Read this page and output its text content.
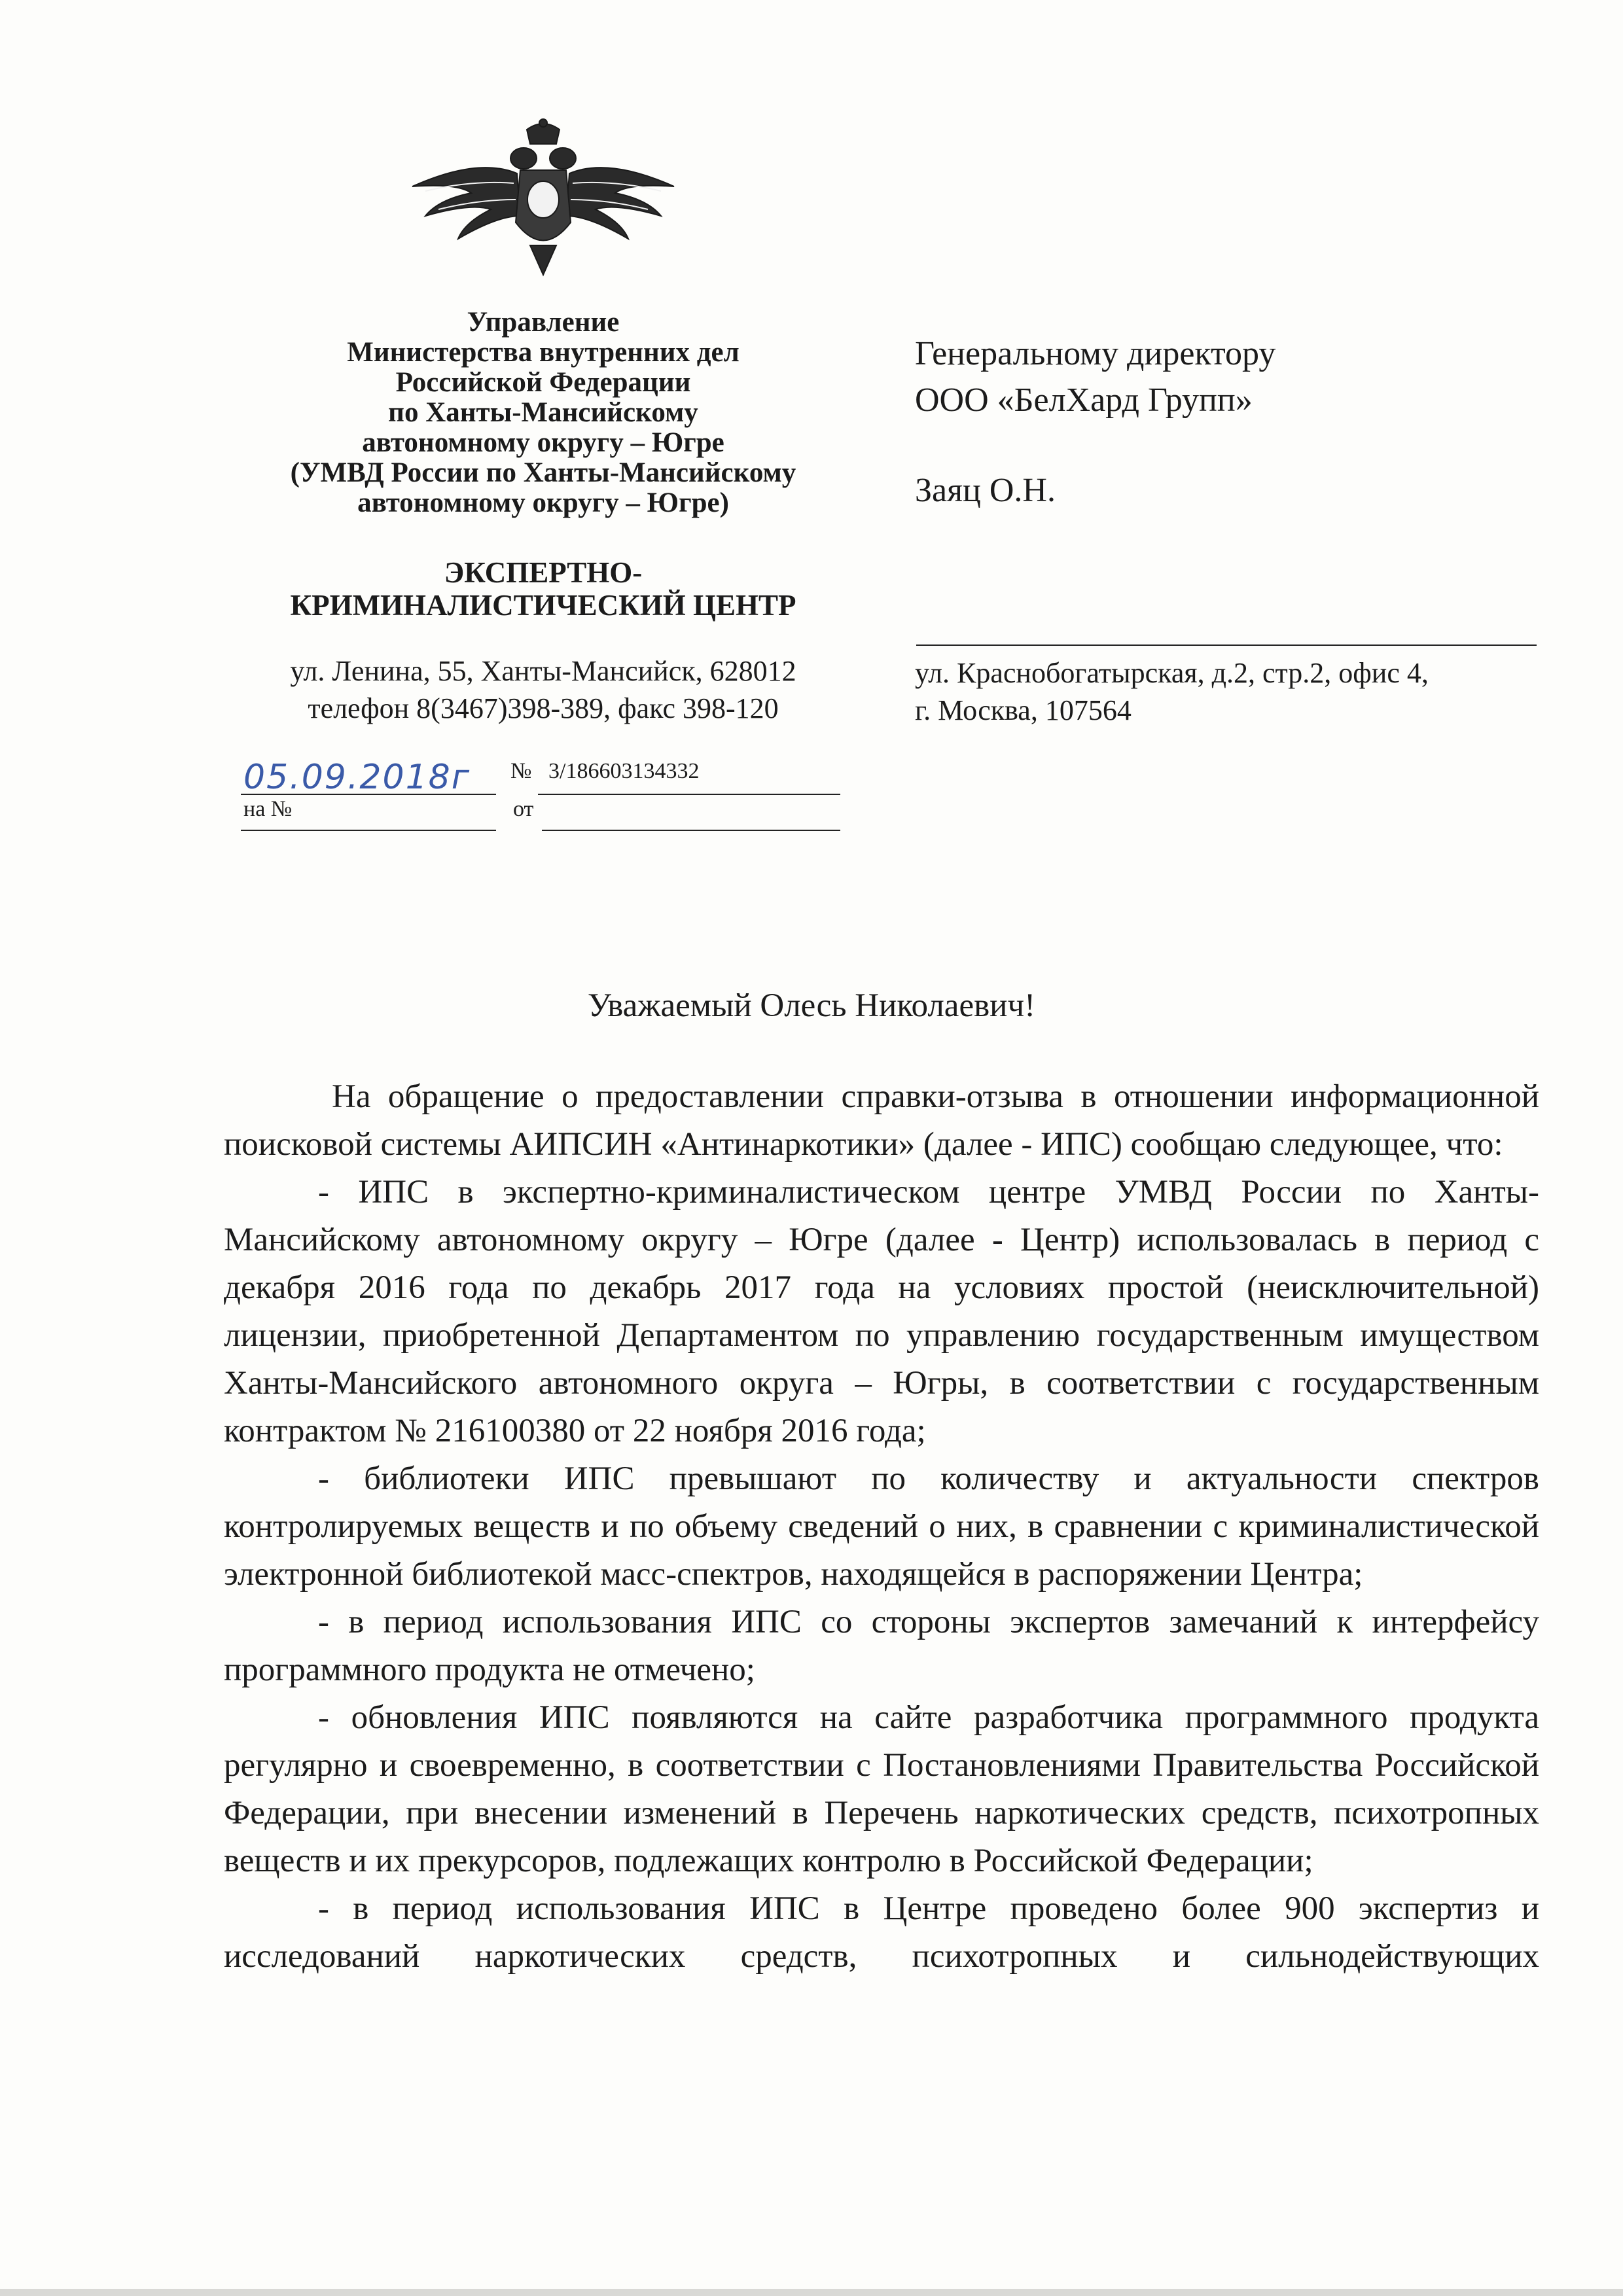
Управление
Министерства внутренних дел
Российской Федерации
по Ханты-Мансийскому
автономному округу – Югре
(УМВД России по Ханты-Мансийскому
автономному округу – Югре)
ЭКСПЕРТНО-
КРИМИНАЛИСТИЧЕСКИЙ ЦЕНТР
ул. Ленина, 55, Ханты-Мансийск, 628012
телефон 8(3467)398-389, факс 398-120
05.09.2018г № 3/186603134332
на №	от
Генеральному директору
ООО «БелХард Групп»
Заяц О.Н.
ул. Краснобогатырская, д.2, стр.2, офис 4,
г. Москва, 107564
Уважаемый Олесь Николаевич!

На обращение о предоставлении справки-отзыва в отношении информационной поисковой системы АИПСИН «Антинаркотики» (далее - ИПС) сообщаю следующее, что:

- ИПС в экспертно-криминалистическом центре УМВД России по Ханты-Мансийскому автономному округу – Югре (далее - Центр) использовалась в период с декабря 2016 года по декабрь 2017 года на условиях простой (неисключительной) лицензии, приобретенной Департаментом по управлению государственным имуществом Ханты-Мансийского автономного округа – Югры, в соответствии с государственным контрактом № 216100380 от 22 ноября 2016 года;

- библиотеки ИПС превышают по количеству и актуальности спектров контролируемых веществ и по объему сведений о них, в сравнении с криминалистической электронной библиотекой масс-спектров, находящейся в распоряжении Центра;

- в период использования ИПС со стороны экспертов замечаний к интерфейсу программного продукта не отмечено;

- обновления ИПС появляются на сайте разработчика программного продукта регулярно и своевременно, в соответствии с Постановлениями Правительства Российской Федерации, при внесении изменений в Перечень наркотических средств, психотропных веществ и их прекурсоров, подлежащих контролю в Российской Федерации;

- в период использования ИПС в Центре проведено более 900 экспертиз и исследований наркотических средств, психотропных и сильнодействующих
